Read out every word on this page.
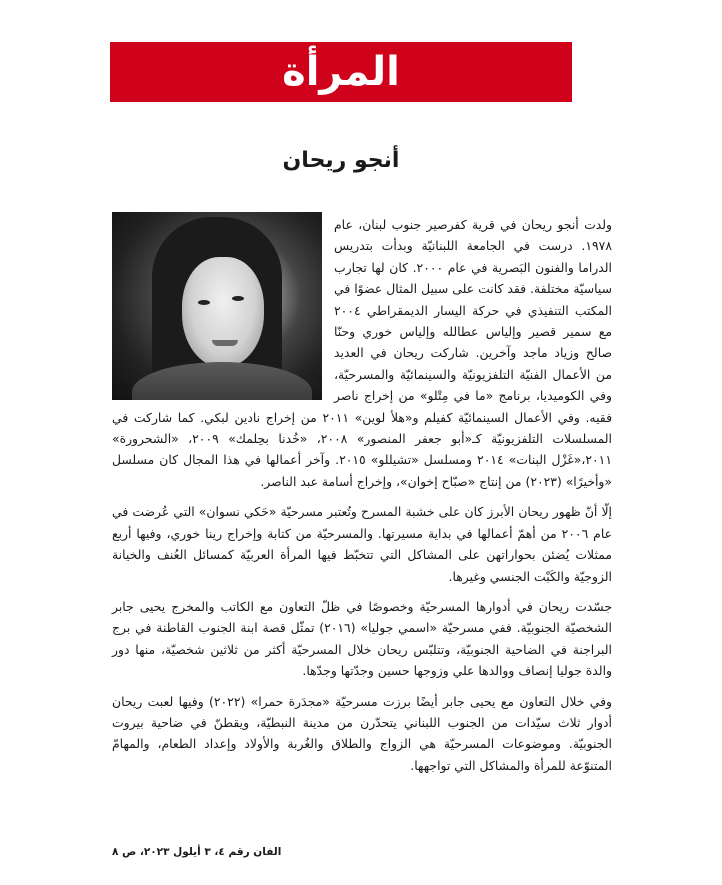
المرأة
أنجو ريحان

ولدت أنجو ريحان في قرية كفرصير جنوب لبنان، عام ١٩٧٨. درست في الجامعة اللبنانيّة وبدأت بتدريس الدراما والفنون البَصرية في عام ٢٠٠٠. كان لها تجارب سياسيّة مختلفة. فقد كانت على سبيل المثال عضوًا في المكتب التنفيذي في حركة اليسار الديمقراطي ٢٠٠٤ مع سمير قصير وإلياس عطالله وإلياس خوري وحنّا صالح وزياد ماجد وآخرين. شاركت ريحان في العديد من الأعمال الفنيّة التلفزيونيّة والسينمائيّة والمسرحيّة، وفي الكوميديا، برنامج «ما في مِتْلو» من إخراج ناصر فقيه. وفي الأعمال السينمائيّة كفيلم و«هلأ لوين» ٢٠١١ من إخراج نادين لبكي. كما شاركت في المسلسلات التلفزيونيّة كـ«أبو جعفر المنصور» ٢٠٠٨، «خُدنا بحِلمك» ٢٠٠٩، «الشحرورة» ٢٠١١،«غَزْل البنات» ٢٠١٤ ومسلسل «تشيللو» ٢٠١٥. وآخر أعمالها في هذا المجال كان مسلسل «وأخيرًا» (٢٠٢٣) من إنتاج «صبّاح إخوان»، وإخراج أسامة عبد الناصر.

إلّا أنّ ظهور ريحان الأبرز كان على خشبة المسرح وتُعتبر مسرحيّة «حَكي نسوان» التي عُرضت في عام ٢٠٠٦ من أهمّ أعمالها في بداية مسيرتها. والمسرحيّة من كتابة وإخراج رينا خوري، وفيها أربع ممثلات يُضئن بحواراتهن على المشاكل التي تتخبّط فيها المرأة العربيّة كمسائل العُنف والخيانة الزوجيّة والكَبْت الجنسي وغيرها.

جسّدت ريحان في أدوارها المسرحيّة وخصوصًا في ظلّ التعاون مع الكاتب والمخرج يحيى جابر الشخصيّة الجنوبيّة. ففي مسرحيّة «اسمي جوليا» (٢٠١٦) تمثّل قصة ابنة الجنوب القاطنة في برج البراجنة في الضاحية الجنوبيّة، وتتلبّس ريحان خلال المسرحيّة أكثر من ثلاثين شخصيّة، منها دور والدة جوليا إنصاف ووالدها علي وزوجها حسين وجدّتها وجدّها.

وفي خلال التعاون مع يحيى جابر أيضًا برزت مسرحيّة «مجدَرة حمرا» (٢٠٢٢) وفيها لعبت ريحان أدوار ثلاث سيّدات من الجنوب اللبناني يتحدّرن من مدينة النبطيّة، ويقطنّ في ضاحية بيروت الجنوبيّة. وموضوعات المسرحيّة هي الزواج والطلاق والغُربة والأولاد وإعداد الطعام، والمهامّ المتنوّعة للمرأة والمشاكل التي تواجهها.

الفان رقم ٤، ٣ أيلول ٢٠٢٣، ص ٨
